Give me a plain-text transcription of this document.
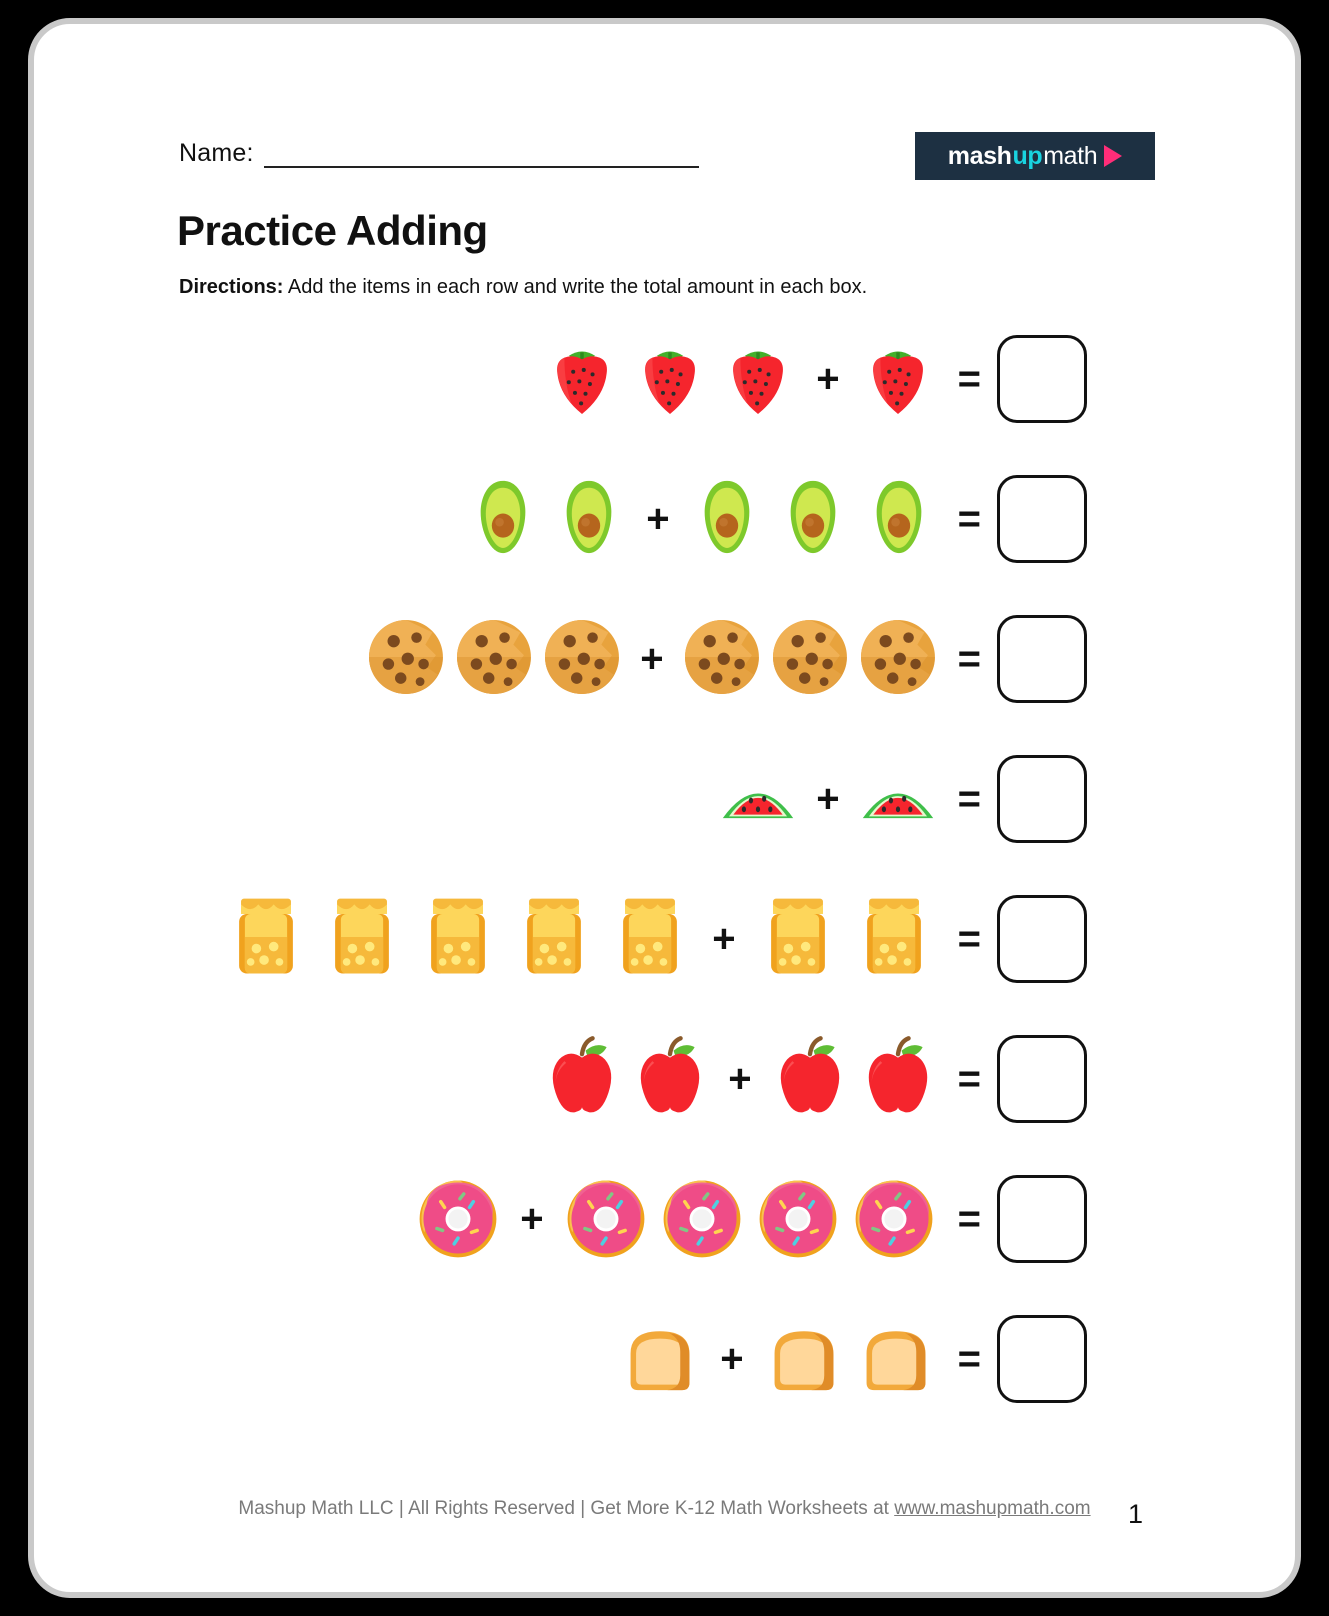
Name:	mash up math
Practice Adding
Directions: Add the items in each row and write the total amount in each box.
+	=
+	=
+	=
+	=
+	=
+	=
+	=
+	=
Mashup Math LLC | All Rights Reserved | Get More K-12 Math Worksheets at www.mashupmath.com	1
